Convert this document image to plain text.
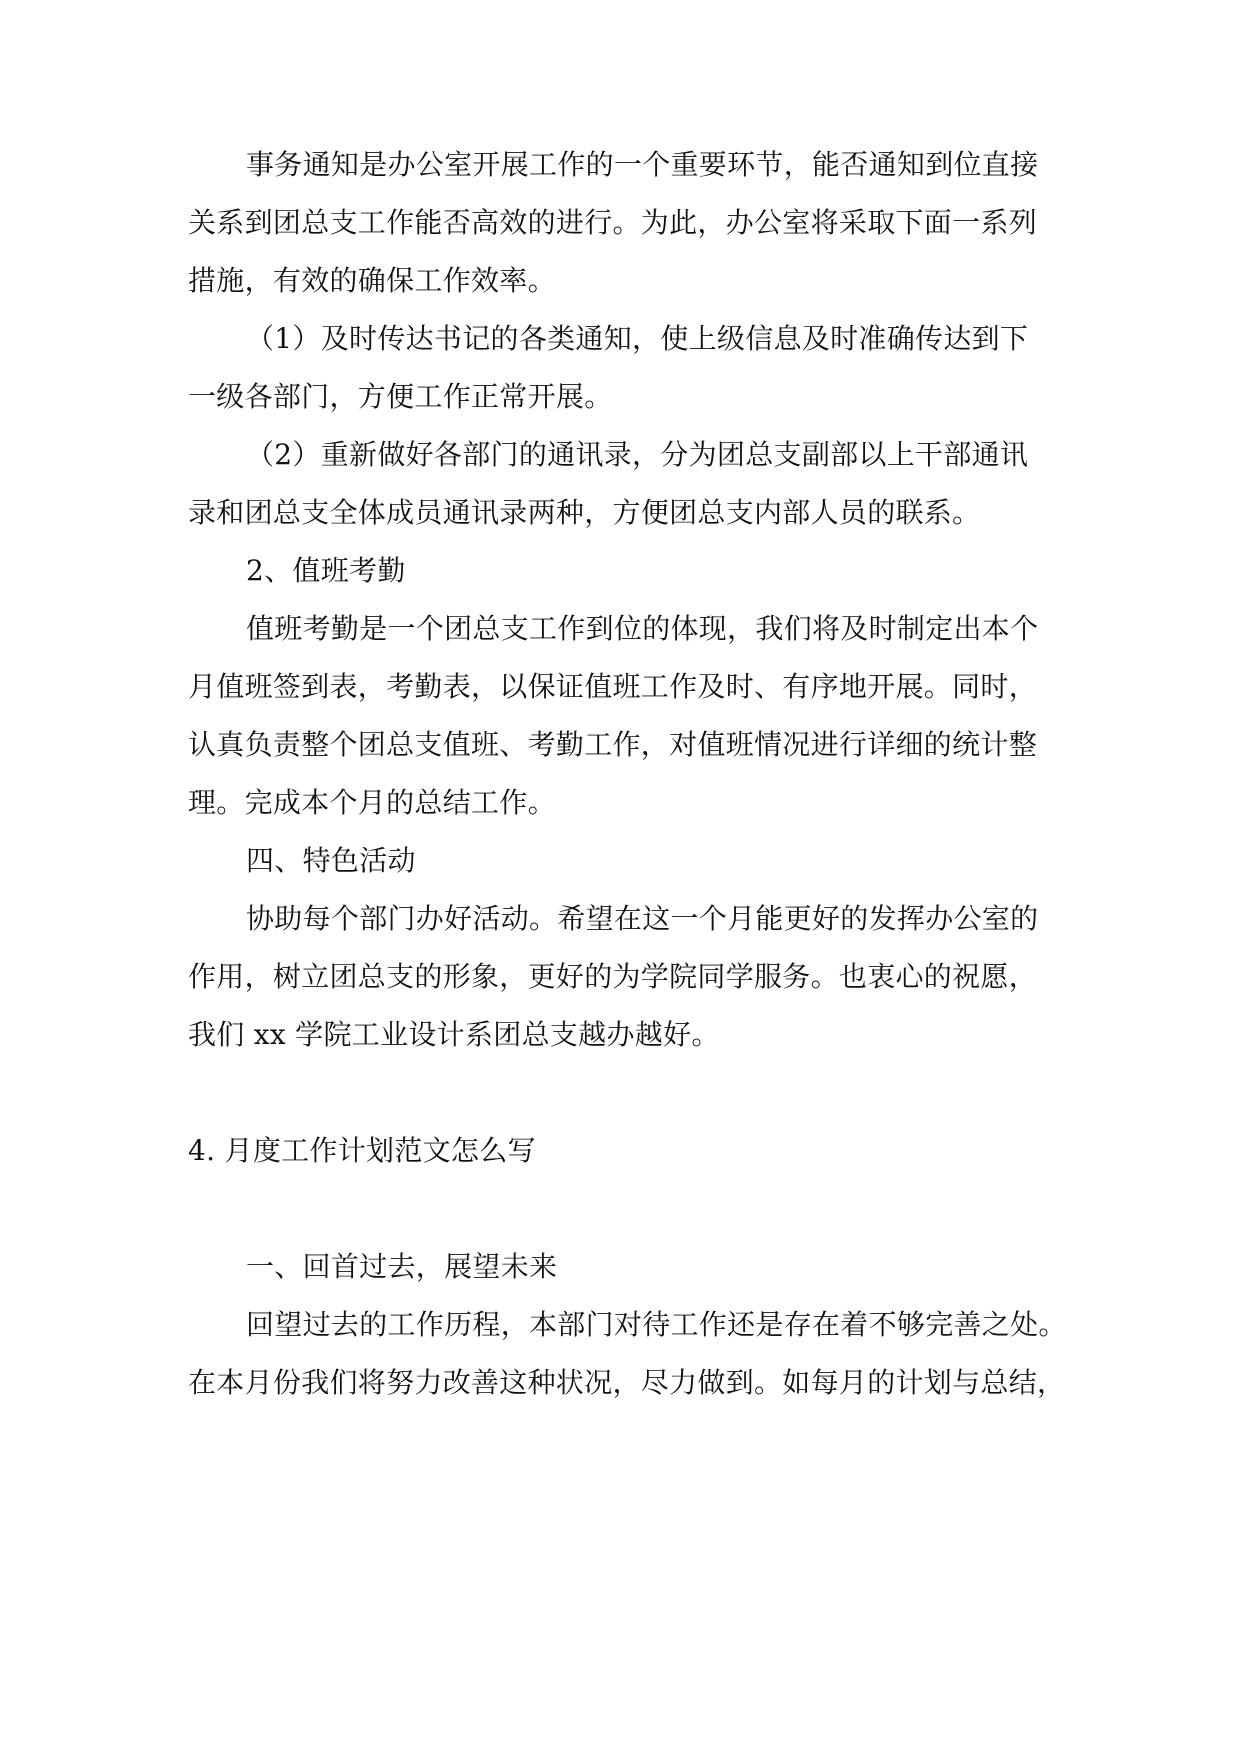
事务通知是办公室开展工作的一个重要环节，能否通知到位直接
关系到团总支工作能否高效的进行。为此，办公室将采取下面一系列
措施，有效的确保工作效率。
（1）及时传达书记的各类通知，使上级信息及时准确传达到下
一级各部门，方便工作正常开展。
（2）重新做好各部门的通讯录，分为团总支副部以上干部通讯
录和团总支全体成员通讯录两种，方便团总支内部人员的联系。
2、值班考勤
值班考勤是一个团总支工作到位的体现，我们将及时制定出本个
月值班签到表，考勤表，以保证值班工作及时、有序地开展。同时，
认真负责整个团总支值班、考勤工作，对值班情况进行详细的统计整
理。完成本个月的总结工作。
四、特色活动
协助每个部门办好活动。希望在这一个月能更好的发挥办公室的
作用，树立团总支的形象，更好的为学院同学服务。也衷心的祝愿，
我们 xx 学院工业设计系团总支越办越好。
4. 月度工作计划范文怎么写
一、回首过去，展望未来
回望过去的工作历程，本部门对待工作还是存在着不够完善之处。
在本月份我们将努力改善这种状况，尽力做到。如每月的计划与总结，
